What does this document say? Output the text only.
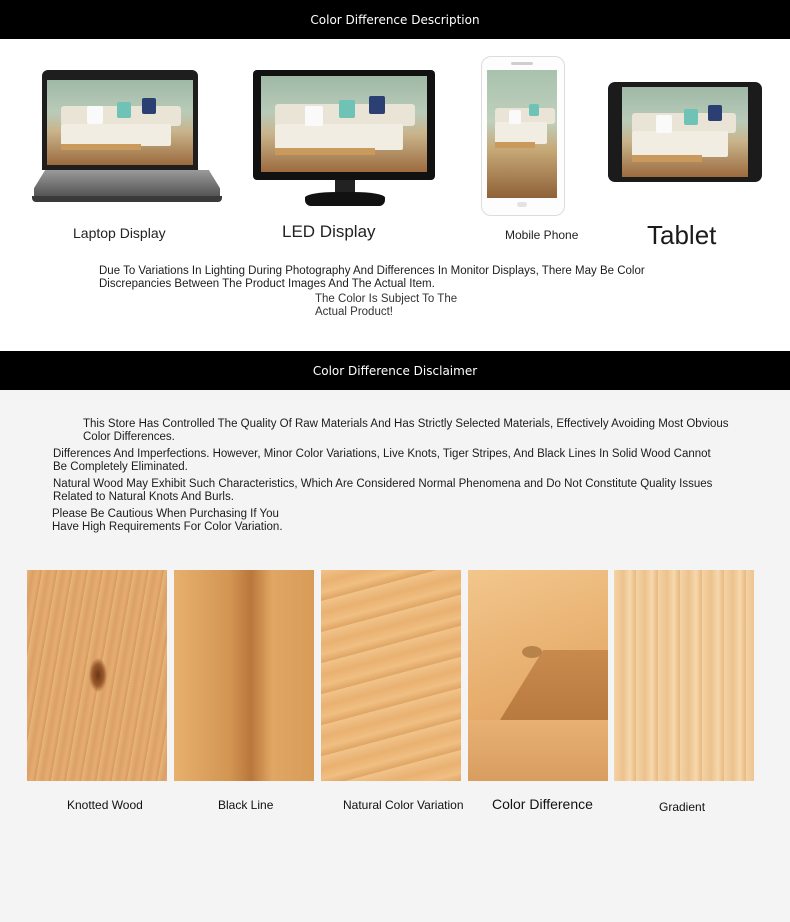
Color Difference Description
Laptop Display	LED Display	Mobile Phone	Tablet
Due To Variations In Lighting During Photography And Differences In Monitor Displays, There May Be Color Discrepancies Between The Product Images And The Actual Item.
The Color Is Subject To The Actual Product!
Color Difference Disclaimer
This Store Has Controlled The Quality Of Raw Materials And Has Strictly Selected Materials, Effectively Avoiding Most Obvious Color Differences.
Differences And Imperfections. However, Minor Color Variations, Live Knots, Tiger Stripes, And Black Lines In Solid Wood Cannot Be Completely Eliminated.
Natural Wood May Exhibit Such Characteristics, Which Are Considered Normal Phenomena and Do Not Constitute Quality Issues Related to Natural Knots And Burls.
Please Be Cautious When Purchasing If You Have High Requirements For Color Variation.
Knotted Wood	Black Line	Natural Color Variation Color Difference	Gradient
